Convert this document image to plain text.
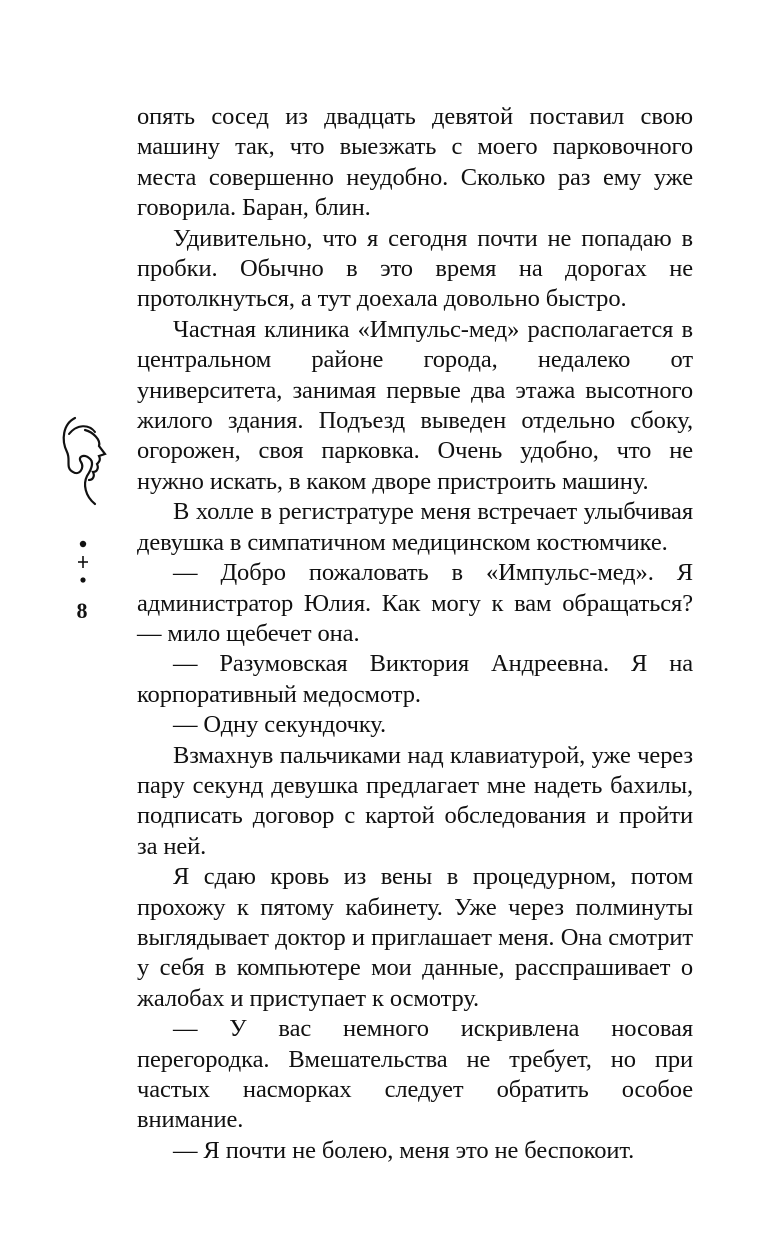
8

опять сосед из двадцать девятой поставил свою машину так, что выезжать с моего парковочного места совершенно неудобно. Сколько раз ему уже говорила. Баран, блин.

Удивительно, что я сегодня почти не попадаю в пробки. Обычно в это время на дорогах не протолкнуться, а тут доехала довольно быстро.

Частная клиника «Импульс-мед» располагается в центральном районе города, недалеко от университета, занимая первые два этажа высотного жилого здания. Подъезд выведен отдельно сбоку, огорожен, своя парковка. Очень удобно, что не нужно искать, в каком дворе пристроить машину.

В холле в регистратуре меня встречает улыбчивая девушка в симпатичном медицинском костюмчике.

— Добро пожаловать в «Импульс-мед». Я администратор Юлия. Как могу к вам обращаться? — мило щебечет она.

— Разумовская Виктория Андреевна. Я на корпоративный медосмотр.

— Одну секундочку.

Взмахнув пальчиками над клавиатурой, уже через пару секунд девушка предлагает мне надеть бахилы, подписать договор с картой обследования и пройти за ней.

Я сдаю кровь из вены в процедурном, потом прохожу к пятому кабинету. Уже через полминуты выглядывает доктор и приглашает меня. Она смотрит у себя в компьютере мои данные, расспрашивает о жалобах и приступает к осмотру.

— У вас немного искривлена носовая перегородка. Вмешательства не требует, но при частых насморках следует обратить особое внимание.

— Я почти не болею, меня это не беспокоит.
